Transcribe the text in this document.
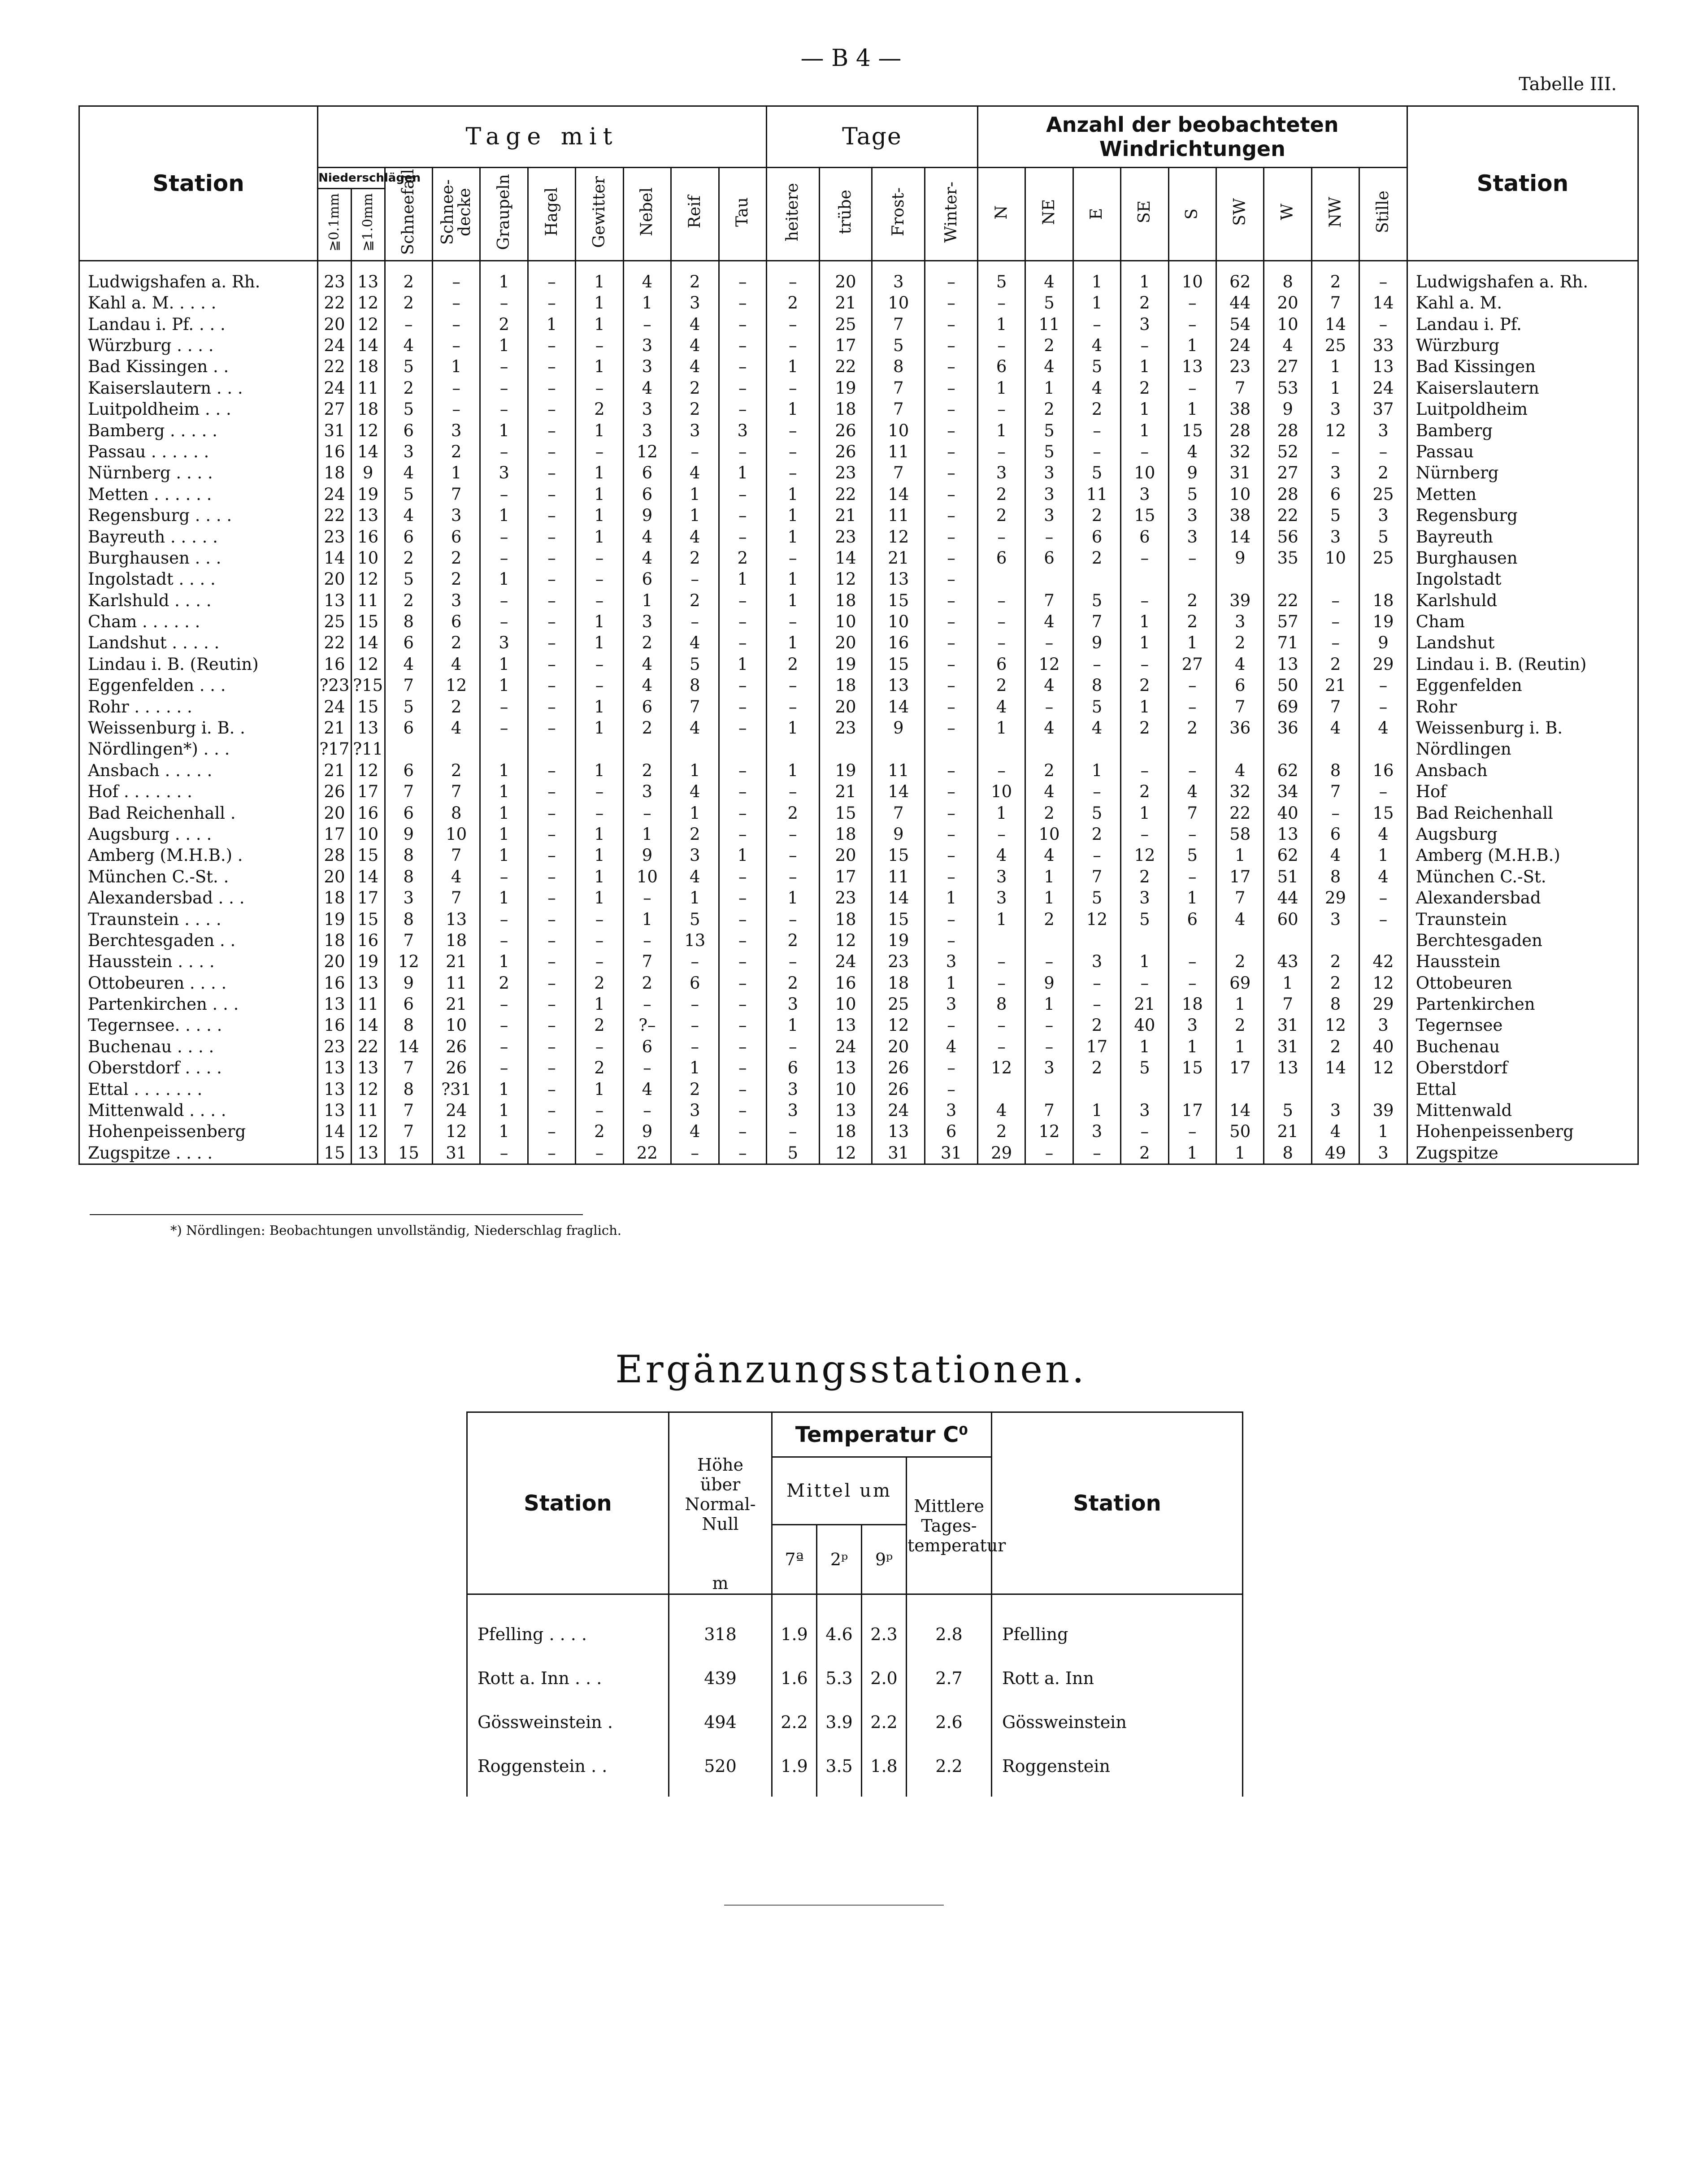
— B 4 —
Tabelle III.
Station	Tage mit										Tage				Anzahl der beobachteten Windrichtungen									Station
	Niederschlägen		Schneefall	Schnee-
decke	Graupeln	Hagel	Gewitter	Nebel	Reif	Tau	heitere	trübe	Frost-	Winter-	N	NE	E	SE	S	SW	W	NW	Stille	
	≧0.1mm	≧1.0mm																						
Ludwigshafen a. Rh.	23	13	2	–	1	–	1	4	2	–	–	20	3	–	5	4	1	1	10	62	8	2	–	Ludwigshafen a. Rh.
Kahl a. M. . . . .	22	12	2	–	–	–	1	1	3	–	2	21	10	–	–	5	1	2	–	44	20	7	14	Kahl a. M.
Landau i. Pf. . . .	20	12	–	–	2	1	1	–	4	–	–	25	7	–	1	11	–	3	–	54	10	14	–	Landau i. Pf.
Würzburg . . . .	24	14	4	–	1	–	–	3	4	–	–	17	5	–	–	2	4	–	1	24	4	25	33	Würzburg
Bad Kissingen . .	22	18	5	1	–	–	1	3	4	–	1	22	8	–	6	4	5	1	13	23	27	1	13	Bad Kissingen
Kaiserslautern . . .	24	11	2	–	–	–	–	4	2	–	–	19	7	–	1	1	4	2	–	7	53	1	24	Kaiserslautern
Luitpoldheim . . .	27	18	5	–	–	–	2	3	2	–	1	18	7	–	–	2	2	1	1	38	9	3	37	Luitpoldheim
Bamberg . . . . .	31	12	6	3	1	–	1	3	3	3	–	26	10	–	1	5	–	1	15	28	28	12	3	Bamberg
Passau . . . . . .	16	14	3	2	–	–	–	12	–	–	–	26	11	–	–	5	–	–	4	32	52	–	–	Passau
Nürnberg . . . .	18	9	4	1	3	–	1	6	4	1	–	23	7	–	3	3	5	10	9	31	27	3	2	Nürnberg
Metten . . . . . .	24	19	5	7	–	–	1	6	1	–	1	22	14	–	2	3	11	3	5	10	28	6	25	Metten
Regensburg . . . .	22	13	4	3	1	–	1	9	1	–	1	21	11	–	2	3	2	15	3	38	22	5	3	Regensburg
Bayreuth . . . . .	23	16	6	6	–	–	1	4	4	–	1	23	12	–	–	–	6	6	3	14	56	3	5	Bayreuth
Burghausen . . .	14	10	2	2	–	–	–	4	2	2	–	14	21	–	6	6	2	–	–	9	35	10	25	Burghausen
Ingolstadt . . . .	20	12	5	2	1	–	–	6	–	1	1	12	13	–										Ingolstadt
Karlshuld . . . .	13	11	2	3	–	–	–	1	2	–	1	18	15	–	–	7	5	–	2	39	22	–	18	Karlshuld
Cham . . . . . .	25	15	8	6	–	–	1	3	–	–	–	10	10	–	–	4	7	1	2	3	57	–	19	Cham
Landshut . . . . .	22	14	6	2	3	–	1	2	4	–	1	20	16	–	–	–	9	1	1	2	71	–	9	Landshut
Lindau i. B. (Reutin)	16	12	4	4	1	–	–	4	5	1	2	19	15	–	6	12	–	–	27	4	13	2	29	Lindau i. B. (Reutin)
Eggenfelden . . .	?23	?15	7	12	1	–	–	4	8	–	–	18	13	–	2	4	8	2	–	6	50	21	–	Eggenfelden
Rohr . . . . . .	24	15	5	2	–	–	1	6	7	–	–	20	14	–	4	–	5	1	–	7	69	7	–	Rohr
Weissenburg i. B. .	21	13	6	4	–	–	1	2	4	–	1	23	9	–	1	4	4	2	2	36	36	4	4	Weissenburg i. B.
Nördlingen*) . . .	?17	?11																						Nördlingen
Ansbach . . . . .	21	12	6	2	1	–	1	2	1	–	1	19	11	–	–	2	1	–	–	4	62	8	16	Ansbach
Hof . . . . . . .	26	17	7	7	1	–	–	3	4	–	–	21	14	–	10	4	–	2	4	32	34	7	–	Hof
Bad Reichenhall .	20	16	6	8	1	–	–	–	1	–	2	15	7	–	1	2	5	1	7	22	40	–	15	Bad Reichenhall
Augsburg . . . .	17	10	9	10	1	–	1	1	2	–	–	18	9	–	–	10	2	–	–	58	13	6	4	Augsburg
Amberg (M.H.B.) .	28	15	8	7	1	–	1	9	3	1	–	20	15	–	4	4	–	12	5	1	62	4	1	Amberg (M.H.B.)
München C.-St. .	20	14	8	4	–	–	1	10	4	–	–	17	11	–	3	1	7	2	–	17	51	8	4	München C.-St.
Alexandersbad . . .	18	17	3	7	1	–	1	–	1	–	1	23	14	1	3	1	5	3	1	7	44	29	–	Alexandersbad
Traunstein . . . .	19	15	8	13	–	–	–	1	5	–	–	18	15	–	1	2	12	5	6	4	60	3	–	Traunstein
Berchtesgaden . .	18	16	7	18	–	–	–	–	13	–	2	12	19	–										Berchtesgaden
Hausstein . . . .	20	19	12	21	1	–	–	7	–	–	–	24	23	3	–	–	3	1	–	2	43	2	42	Hausstein
Ottobeuren . . . .	16	13	9	11	2	–	2	2	6	–	2	16	18	1	–	9	–	–	–	69	1	2	12	Ottobeuren
Partenkirchen . . .	13	11	6	21	–	–	1	–	–	–	3	10	25	3	8	1	–	21	18	1	7	8	29	Partenkirchen
Tegernsee. . . . .	16	14	8	10	–	–	2	?–	–	–	1	13	12	–	–	–	2	40	3	2	31	12	3	Tegernsee
Buchenau . . . .	23	22	14	26	–	–	–	6	–	–	–	24	20	4	–	–	17	1	1	1	31	2	40	Buchenau
Oberstdorf . . . .	13	13	7	26	–	–	2	–	1	–	6	13	26	–	12	3	2	5	15	17	13	14	12	Oberstdorf
Ettal . . . . . . .	13	12	8	?31	1	–	1	4	2	–	3	10	26	–										Ettal
Mittenwald . . . .	13	11	7	24	1	–	–	–	3	–	3	13	24	3	4	7	1	3	17	14	5	3	39	Mittenwald
Hohenpeissenberg	14	12	7	12	1	–	2	9	4	–	–	18	13	6	2	12	3	–	–	50	21	4	1	Hohenpeissenberg
Zugspitze . . . .	15	13	15	31	–	–	–	22	–	–	5	12	31	31	29	–	–	2	1	1	8	49	3	Zugspitze
*) Nördlingen: Beobachtungen unvollständig, Niederschlag fraglich.
Ergänzungsstationen.
Station	Höhe
über
Normal-
Null

m	Temperatur C⁰				Station
		Mittel um			Mittlere
Tages-
temperatur	
		7ª	2ᵖ	9ᵖ		
Pfelling . . . .	318	1.9	4.6	2.3	2.8	Pfelling
Rott a. Inn . . .	439	1.6	5.3	2.0	2.7	Rott a. Inn
Gössweinstein .	494	2.2	3.9	2.2	2.6	Gössweinstein
Roggenstein . .	520	1.9	3.5	1.8	2.2	Roggenstein
